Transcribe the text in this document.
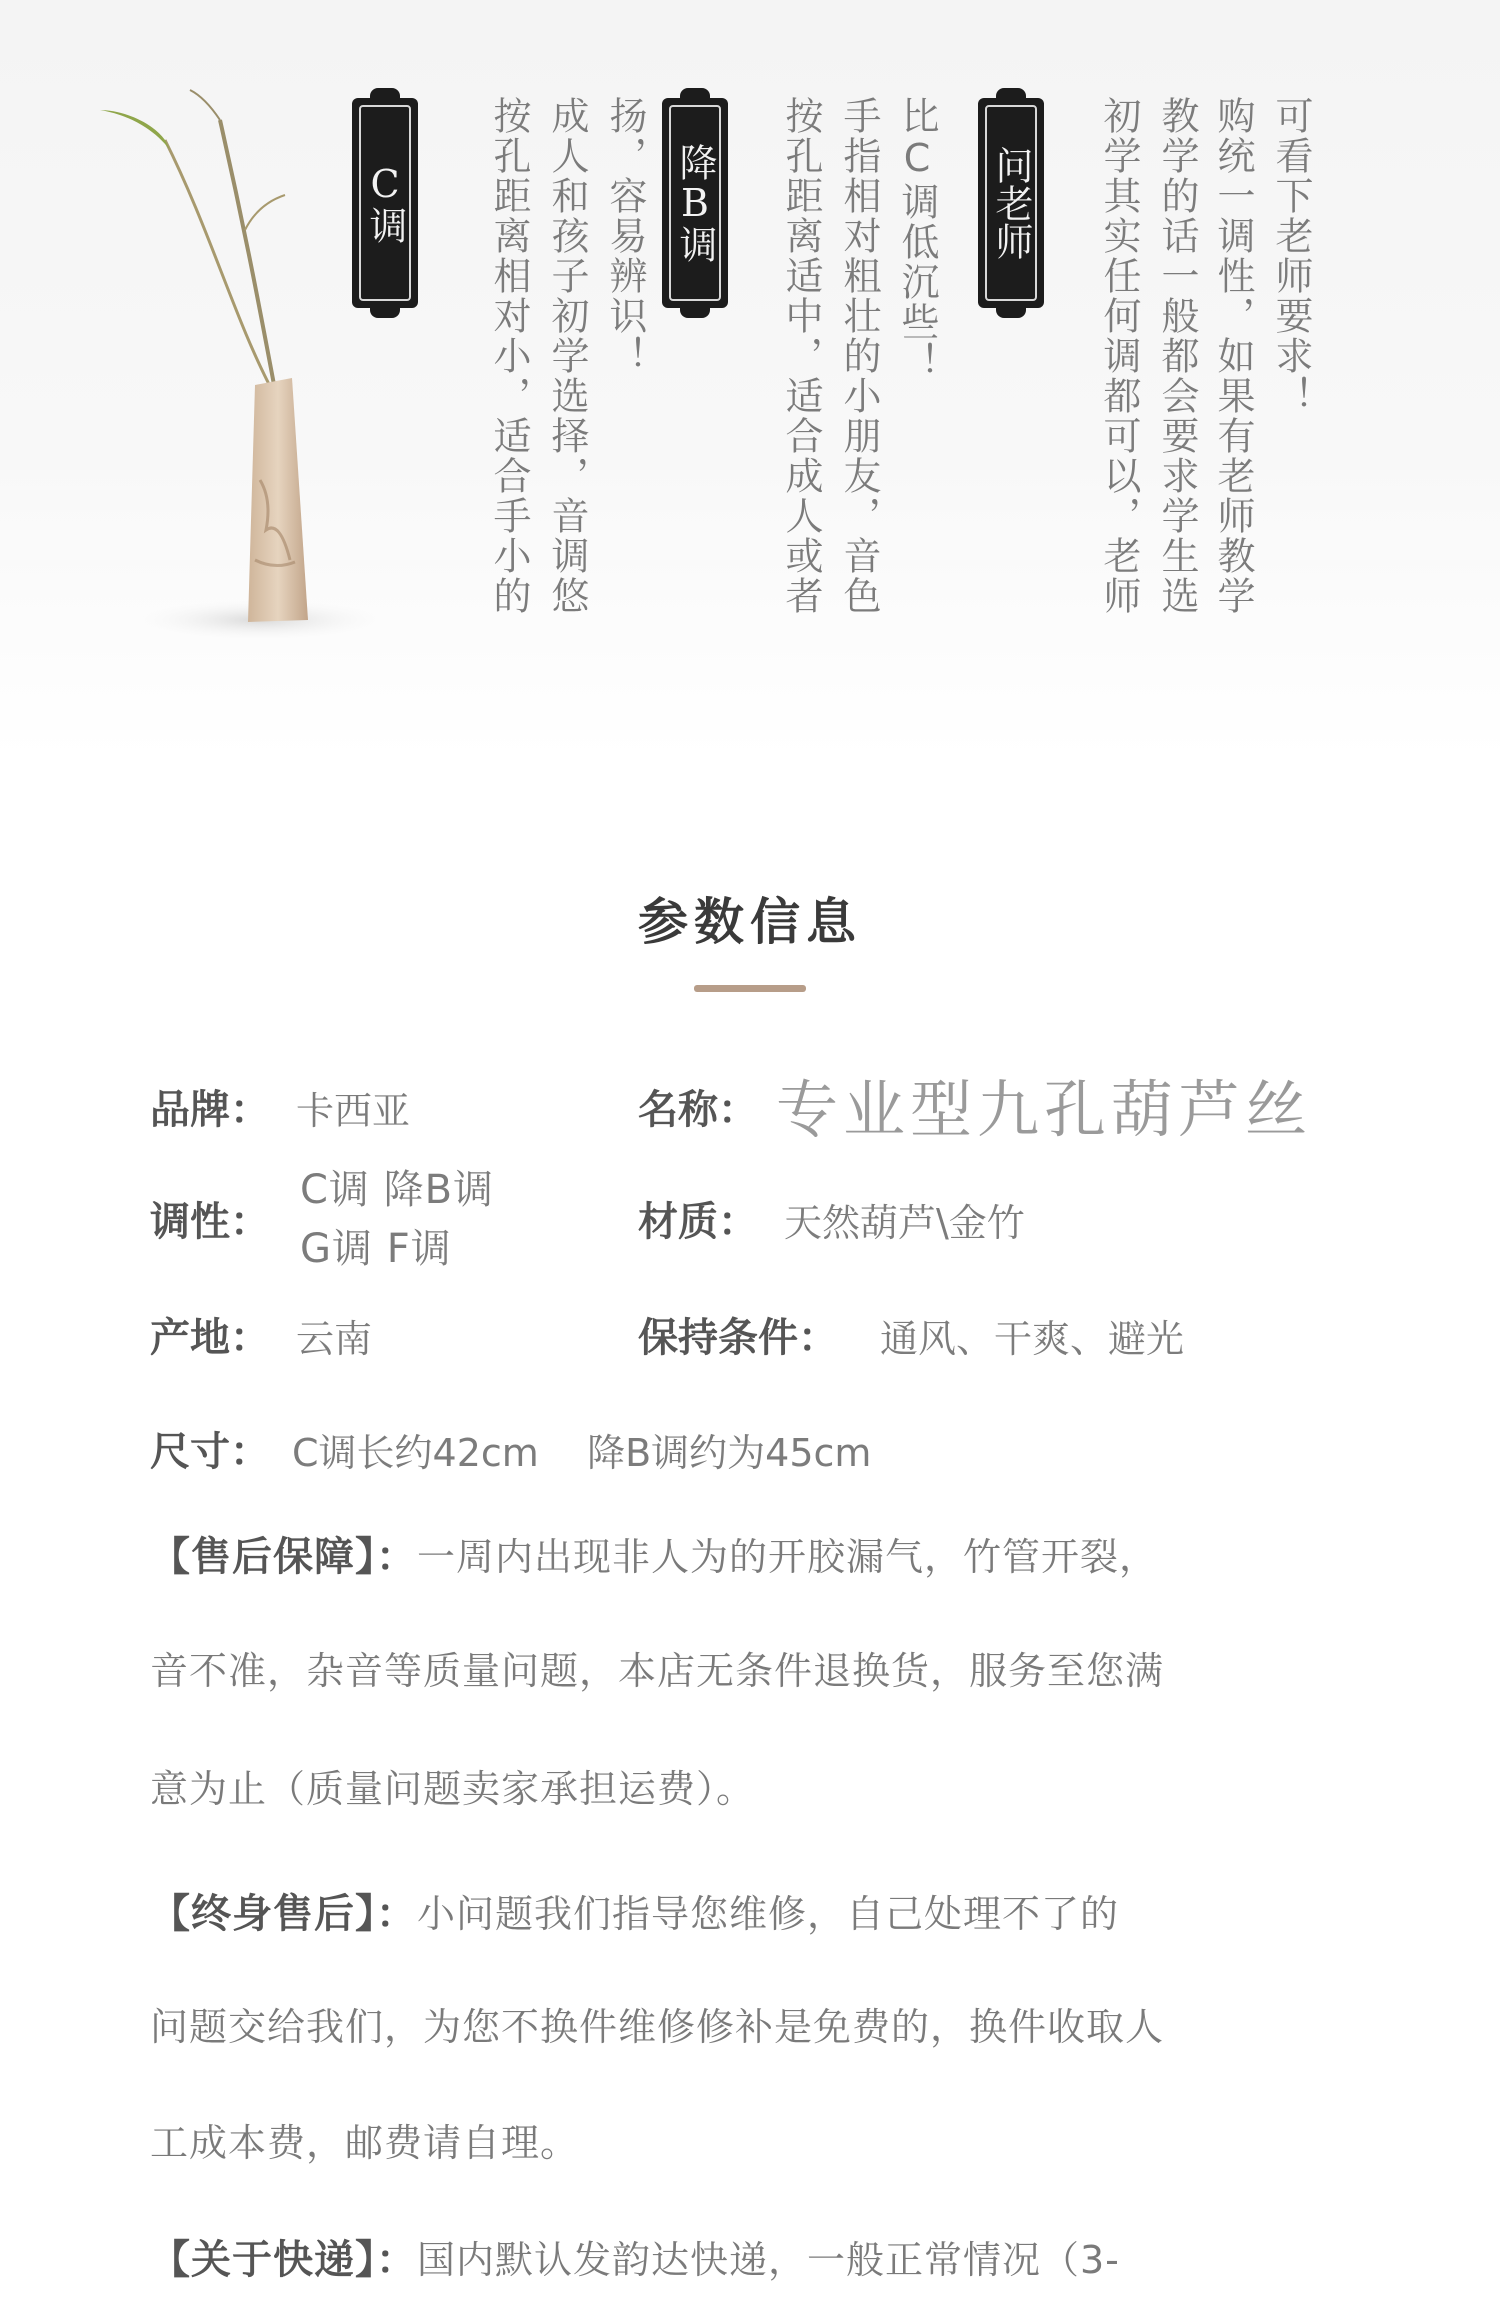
可看下老师要求！
购统一调性，如果有老师教学
教学的话一般都会要求学生选
初学其实任何调都可以，老师
问老师
比C调低沉些！
手指相对粗壮的小朋友，音色
按孔距离适中，适合成人或者
降B调
扬，容易辨识！
成人和孩子初学选择，音调悠
按孔距离相对小，适合手小的
C调
参数信息
品牌： 卡西亚	名称： 专业型九孔葫芦丝
调性：
C调 降B调
G调 F调
材质： 天然葫芦\金竹
产地： 云南	保持条件： 通风、干爽、避光
尺寸： C调长约42cm    降B调约为45cm
【售后保障】：一周内出现非人为的开胶漏气，竹管开裂，
音不准，杂音等质量问题，本店无条件退换货，服务至您满
意为止（质量问题卖家承担运费）。
【终身售后】：小问题我们指导您维修，自己处理不了的
问题交给我们，为您不换件维修修补是免费的，换件收取人
工成本费，邮费请自理。
【关于快递】：国内默认发韵达快递，一般正常情况（3-
